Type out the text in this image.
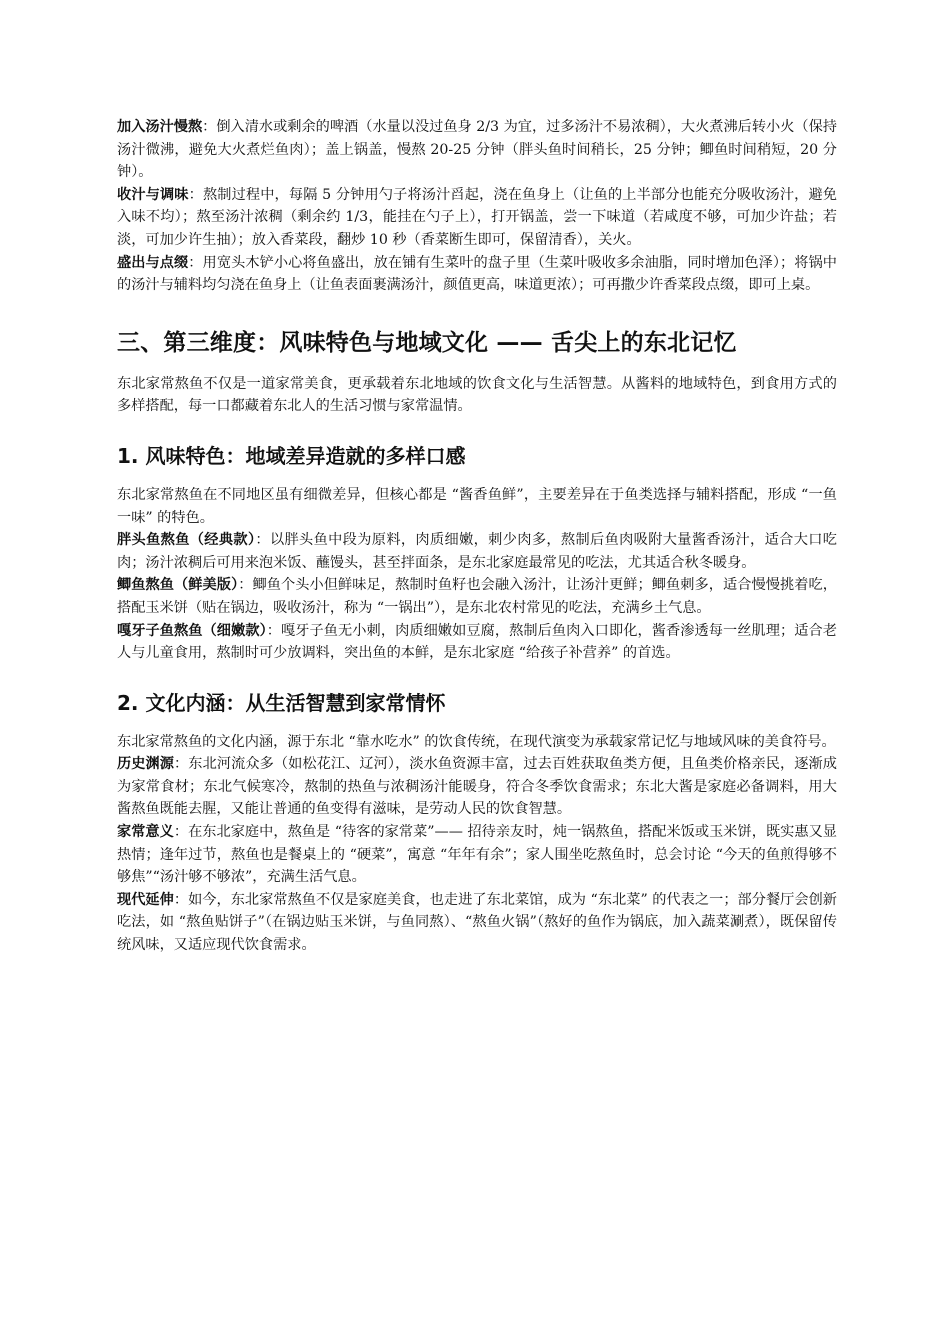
加入汤汁慢熬：倒入清水或剩余的啤酒（水量以没过鱼身 2/3 为宜，过多汤汁不易浓稠），大火煮沸后转小火（保持汤汁微沸，避免大火煮烂鱼肉）；盖上锅盖，慢熬 20-25 分钟（胖头鱼时间稍长，25 分钟；鲫鱼时间稍短，20 分钟）。

收汁与调味：熬制过程中，每隔 5 分钟用勺子将汤汁舀起，浇在鱼身上（让鱼的上半部分也能充分吸收汤汁，避免入味不均）；熬至汤汁浓稠（剩余约 1/3，能挂在勺子上），打开锅盖，尝一下味道（若咸度不够，可加少许盐；若淡，可加少许生抽）；放入香菜段，翻炒 10 秒（香菜断生即可，保留清香），关火。

盛出与点缀：用宽头木铲小心将鱼盛出，放在铺有生菜叶的盘子里（生菜叶吸收多余油脂，同时增加色泽）；将锅中的汤汁与辅料均匀浇在鱼身上（让鱼表面裹满汤汁，颜值更高，味道更浓）；可再撒少许香菜段点缀，即可上桌。

三、第三维度：风味特色与地域文化 —— 舌尖上的东北记忆

东北家常熬鱼不仅是一道家常美食，更承载着东北地域的饮食文化与生活智慧。从酱料的地域特色，到食用方式的多样搭配，每一口都藏着东北人的生活习惯与家常温情。

1. 风味特色：地域差异造就的多样口感

东北家常熬鱼在不同地区虽有细微差异，但核心都是 “酱香鱼鲜”，主要差异在于鱼类选择与辅料搭配，形成 “一鱼一味” 的特色。

胖头鱼熬鱼（经典款）：以胖头鱼中段为原料，肉质细嫩，刺少肉多，熬制后鱼肉吸附大量酱香汤汁，适合大口吃肉；汤汁浓稠后可用来泡米饭、蘸馒头，甚至拌面条，是东北家庭最常见的吃法，尤其适合秋冬暖身。

鲫鱼熬鱼（鲜美版）：鲫鱼个头小但鲜味足，熬制时鱼籽也会融入汤汁，让汤汁更鲜；鲫鱼刺多，适合慢慢挑着吃，搭配玉米饼（贴在锅边，吸收汤汁，称为 “一锅出”），是东北农村常见的吃法，充满乡土气息。

嘎牙子鱼熬鱼（细嫩款）：嘎牙子鱼无小刺，肉质细嫩如豆腐，熬制后鱼肉入口即化，酱香渗透每一丝肌理；适合老人与儿童食用，熬制时可少放调料，突出鱼的本鲜，是东北家庭 “给孩子补营养” 的首选。

2. 文化内涵：从生活智慧到家常情怀

东北家常熬鱼的文化内涵，源于东北 “靠水吃水” 的饮食传统，在现代演变为承载家常记忆与地域风味的美食符号。

历史渊源：东北河流众多（如松花江、辽河），淡水鱼资源丰富，过去百姓获取鱼类方便，且鱼类价格亲民，逐渐成为家常食材；东北气候寒冷，熬制的热鱼与浓稠汤汁能暖身，符合冬季饮食需求；东北大酱是家庭必备调料，用大酱熬鱼既能去腥，又能让普通的鱼变得有滋味，是劳动人民的饮食智慧。

家常意义：在东北家庭中，熬鱼是 “待客的家常菜”—— 招待亲友时，炖一锅熬鱼，搭配米饭或玉米饼，既实惠又显热情；逢年过节，熬鱼也是餐桌上的 “硬菜”，寓意 “年年有余”；家人围坐吃熬鱼时，总会讨论 “今天的鱼煎得够不够焦”“汤汁够不够浓”，充满生活气息。

现代延伸：如今，东北家常熬鱼不仅是家庭美食，也走进了东北菜馆，成为 “东北菜” 的代表之一；部分餐厅会创新吃法，如 “熬鱼贴饼子”（在锅边贴玉米饼，与鱼同熬）、“熬鱼火锅”（熬好的鱼作为锅底，加入蔬菜涮煮），既保留传统风味，又适应现代饮食需求。
